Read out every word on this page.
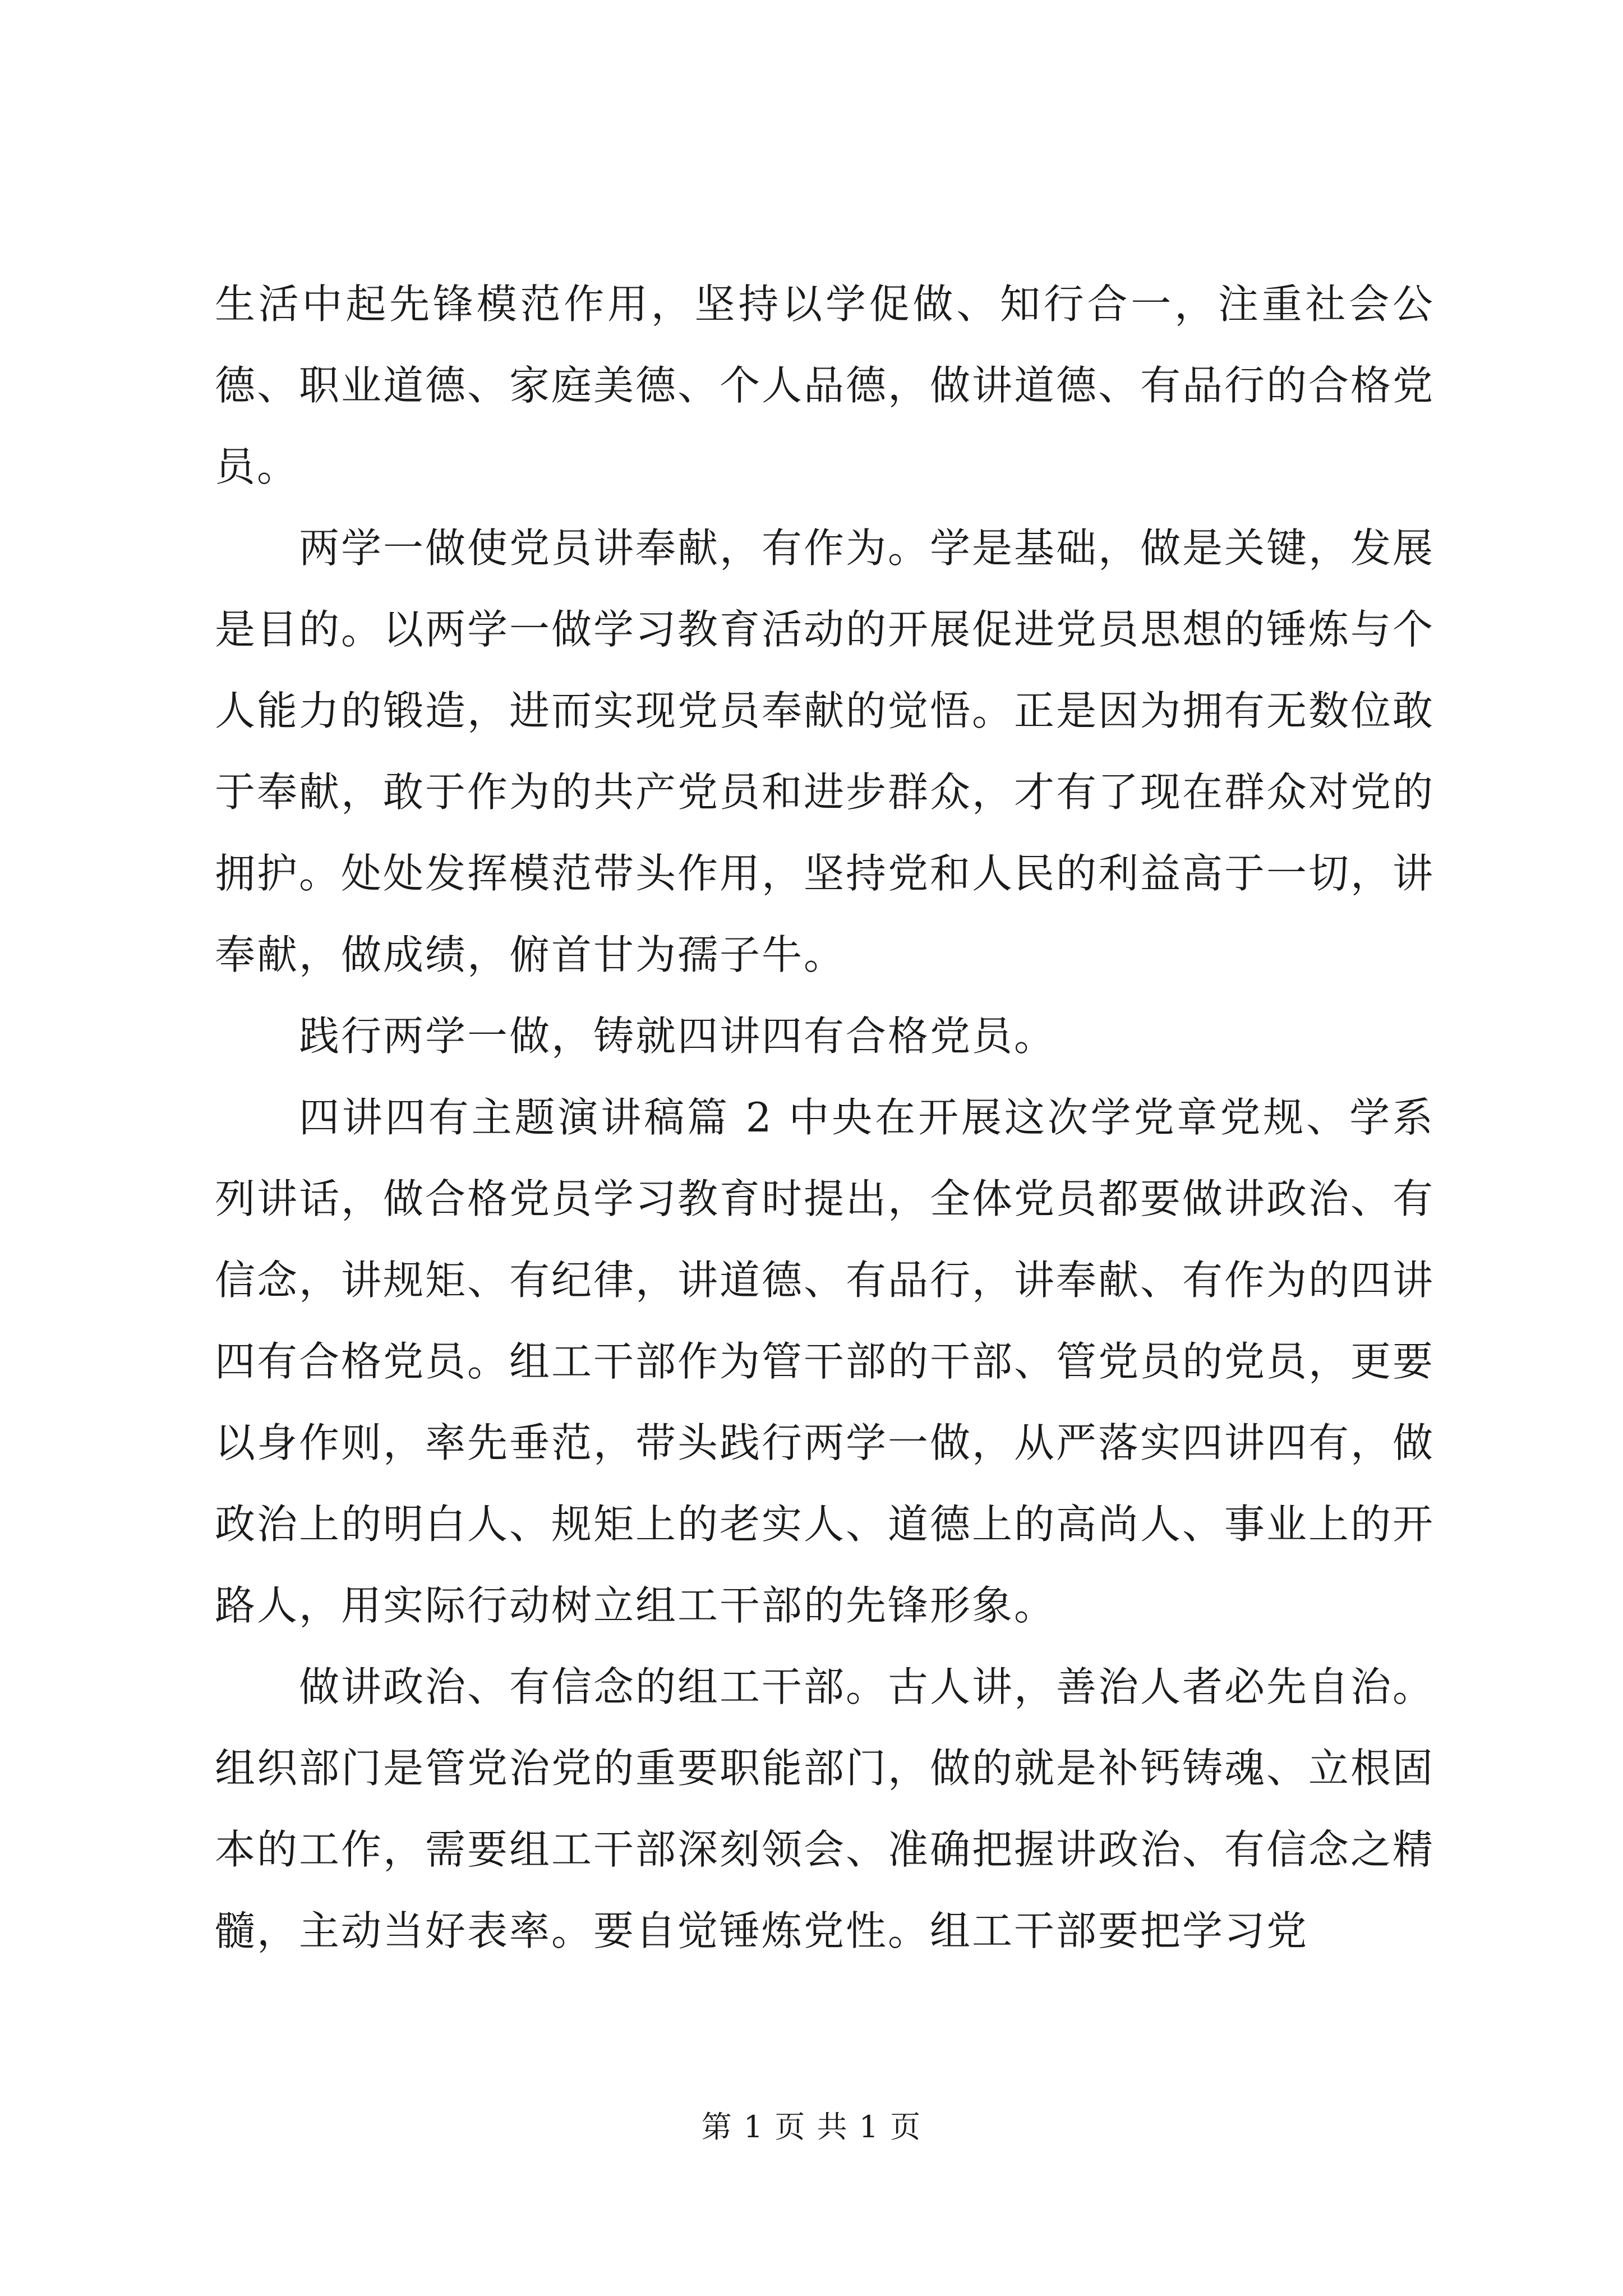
生活中起先锋模范作用，坚持以学促做、知行合一，注重社会公德、职业道德、家庭美德、个人品德，做讲道德、有品行的合格党员。

两学一做使党员讲奉献，有作为。学是基础，做是关键，发展是目的。以两学一做学习教育活动的开展促进党员思想的锤炼与个人能力的锻造，进而实现党员奉献的觉悟。正是因为拥有无数位敢于奉献，敢于作为的共产党员和进步群众，才有了现在群众对党的拥护。处处发挥模范带头作用，坚持党和人民的利益高于一切，讲奉献，做成绩，俯首甘为孺子牛。

践行两学一做，铸就四讲四有合格党员。

四讲四有主题演讲稿篇 2 中央在开展这次学党章党规、学系列讲话，做合格党员学习教育时提出，全体党员都要做讲政治、有信念，讲规矩、有纪律，讲道德、有品行，讲奉献、有作为的四讲四有合格党员。组工干部作为管干部的干部、管党员的党员，更要以身作则，率先垂范，带头践行两学一做，从严落实四讲四有，做政治上的明白人、规矩上的老实人、道德上的高尚人、事业上的开路人，用实际行动树立组工干部的先锋形象。

做讲政治、有信念的组工干部。古人讲，善治人者必先自治。组织部门是管党治党的重要职能部门，做的就是补钙铸魂、立根固本的工作，需要组工干部深刻领会、准确把握讲政治、有信念之精髓，主动当好表率。要自觉锤炼党性。组工干部要把学习党

第 1 页 共 1 页
